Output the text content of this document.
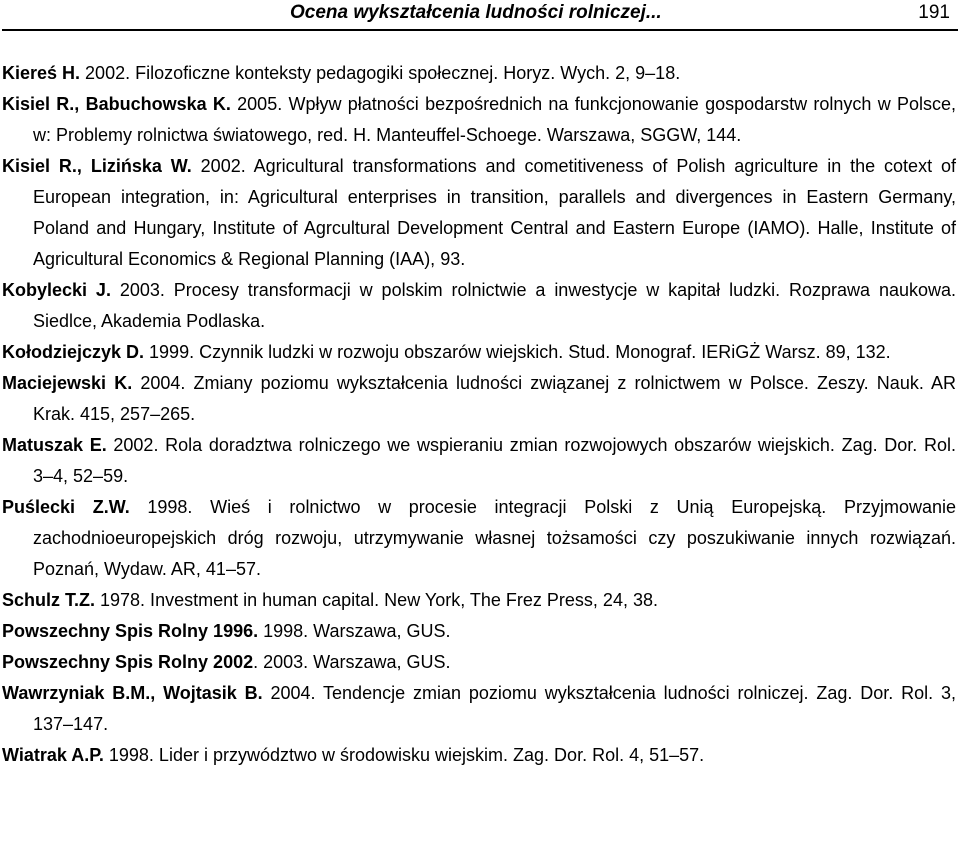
Ocena wykształcenia ludności rolniczej...	191
Kiereś H. 2002. Filozoficzne konteksty pedagogiki społecznej. Horyz. Wych. 2, 9–18.
Kisiel R., Babuchowska K. 2005. Wpływ płatności bezpośrednich na funkcjonowanie gospodarstw rolnych w Polsce, w: Problemy rolnictwa światowego, red. H. Manteuffel-Schoege. Warszawa, SGGW, 144.
Kisiel R., Lizińska W. 2002. Agricultural transformations and cometitiveness of Polish agriculture in the cotext of European integration, in: Agricultural enterprises in transition, parallels and divergences in Eastern Germany, Poland and Hungary, Institute of Agrcultural Development Central and Eastern Europe (IAMO). Halle, Institute of Agricultural Economics & Regional Planning (IAA), 93.
Kobylecki J. 2003. Procesy transformacji w polskim rolnictwie a inwestycje w kapitał ludzki. Rozprawa naukowa. Siedlce, Akademia Podlaska.
Kołodziejczyk D. 1999. Czynnik ludzki w rozwoju obszarów wiejskich. Stud. Monograf. IERiGŻ Warsz. 89, 132.
Maciejewski K. 2004. Zmiany poziomu wykształcenia ludności związanej z rolnictwem w Polsce. Zeszy. Nauk. AR Krak. 415, 257–265.
Matuszak E. 2002. Rola doradztwa rolniczego we wspieraniu zmian rozwojowych obszarów wiejskich. Zag. Dor. Rol. 3–4, 52–59.
Puślecki Z.W. 1998. Wieś i rolnictwo w procesie integracji Polski z Unią Europejską. Przyjmowanie zachodnioeuropejskich dróg rozwoju, utrzymywanie własnej tożsamości czy poszukiwanie innych rozwiązań. Poznań, Wydaw. AR, 41–57.
Schulz T.Z. 1978. Investment in human capital. New York, The Frez Press, 24, 38.
Powszechny Spis Rolny 1996. 1998. Warszawa, GUS.
Powszechny Spis Rolny 2002. 2003. Warszawa, GUS.
Wawrzyniak B.M., Wojtasik B. 2004. Tendencje zmian poziomu wykształcenia ludności rolniczej. Zag. Dor. Rol. 3, 137–147.
Wiatrak A.P. 1998. Lider i przywództwo w środowisku wiejskim. Zag. Dor. Rol. 4, 51–57.
